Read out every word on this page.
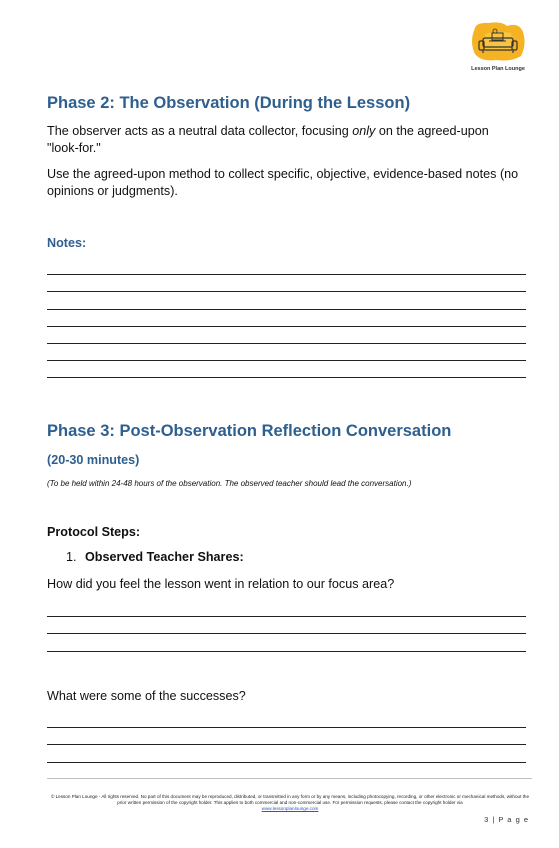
Lesson Plan Lounge
Phase 2: The Observation (During the Lesson)
The observer acts as a neutral data collector, focusing only on the agreed-upon "look-for."
Use the agreed-upon method to collect specific, objective, evidence-based notes (no opinions or judgments).
Notes:
Phase 3: Post-Observation Reflection Conversation
(20-30 minutes)
(To be held within 24-48 hours of the observation. The observed teacher should lead the conversation.)
Protocol Steps:
1. Observed Teacher Shares:
How did you feel the lesson went in relation to our focus area?
What were some of the successes?
© Lesson Plan Lounge - All rights reserved. No part of this document may be reproduced, distributed, or transmitted in any form or by any means, including photocopying, recording, or other electronic or mechanical methods, without the prior written permission of the copyright holder. This applies to both commercial and non-commercial use. For permission requests, please contact the copyright holder via
www.lessonplanlounge.com
3 | P a g e
